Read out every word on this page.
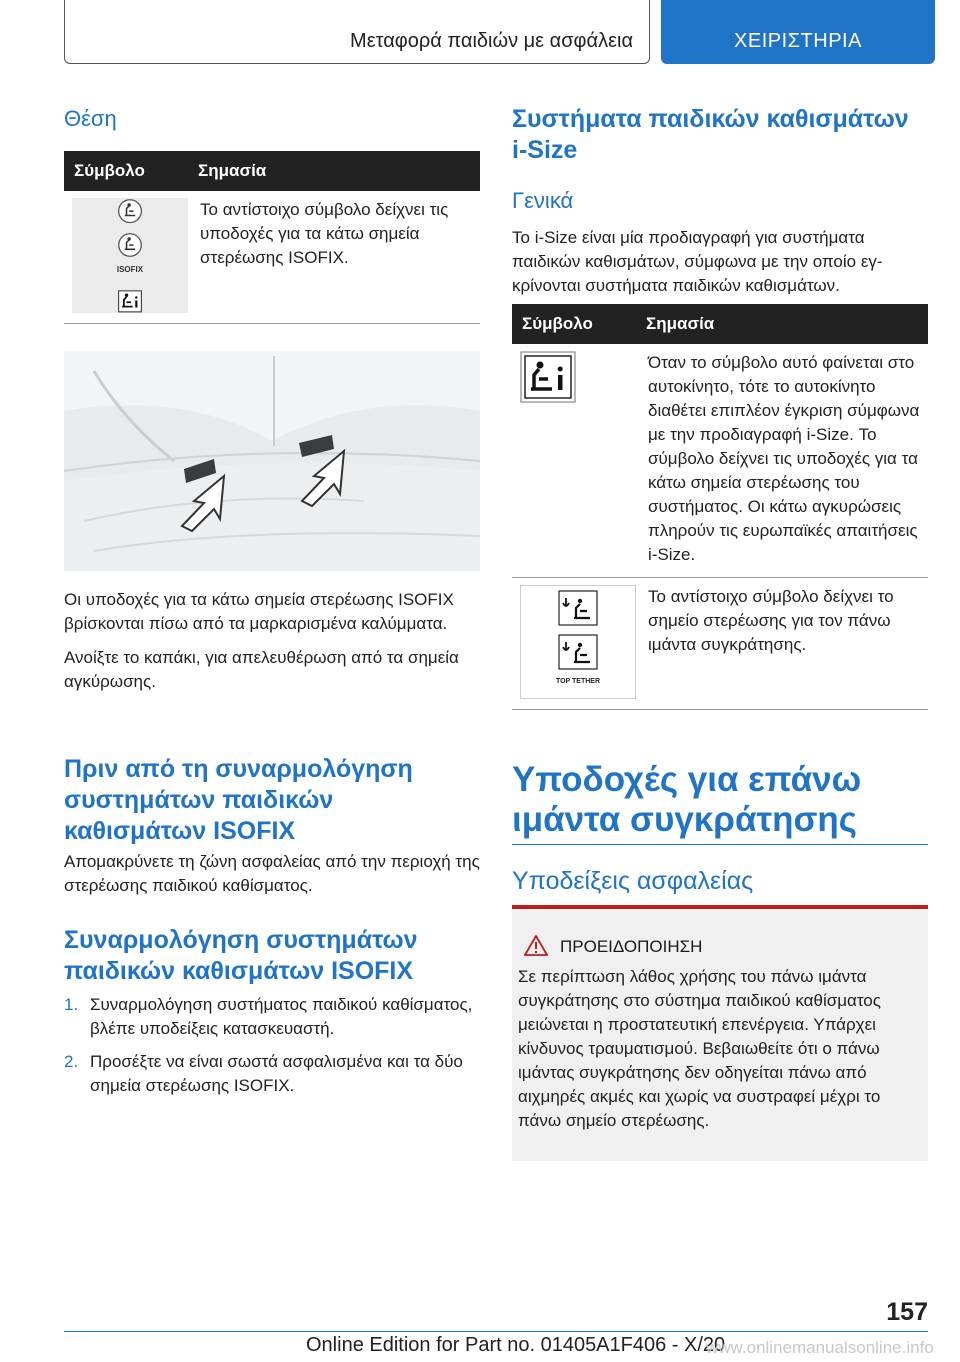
Μεταφορά παιδιών με ασφάλεια	ΧΕΙΡΙΣΤΗΡΙΑ
Θέση
Σύμβολο	Σημασία

ISOFIX	Το αντίστοιχο σύμβολο δείχνει τις υποδοχές για τα κάτω σημεία στερέωσης ISOFIX.

Οι υποδοχές για τα κάτω σημεία στερέωσης ISOFIX βρίσκονται πίσω από τα μαρκαρισμένα καλύμματα.

Ανοίξτε το καπάκι, για απελευθέρωση από τα σημεία αγκύρωσης.

Πριν από τη συναρμολόγηση συστημάτων παιδικών καθισμάτων ISOFIX

Απομακρύνετε τη ζώνη ασφαλείας από την περιοχή της στερέωσης παιδικού καθίσματος.

Συναρμολόγηση συστημάτων παιδικών καθισμάτων ISOFIX
1. Συναρμολόγηση συστήματος παιδικού καθίσματος, βλέπε υποδείξεις κατασκευαστή.
2. Προσέξτε να είναι σωστά ασφαλισμένα και τα δύο σημεία στερέωσης ISOFIX.
Συστήματα παιδικών καθισμάτων i-Size
Γενικά

Το i-Size είναι μία προδιαγραφή για συστήματα παιδικών καθισμάτων, σύμφωνα με την οποίο εγκρίνονται συστήματα παιδικών καθισμάτων.

Σύμβολο	Σημασία
	Όταν το σύμβολο αυτό φαίνεται στο αυτοκίνητο, τότε το αυτοκίνητο διαθέτει επιπλέον έγκριση σύμφωνα με την προδιαγραφή i-Size. Το σύμβολο δείχνει τις υποδοχές για τα κάτω σημεία στερέωσης του συστήματος. Οι κάτω αγκυρώσεις πληρούν τις ευρωπαϊκές απαιτήσεις i-Size.

TOP TETHER	Το αντίστοιχο σύμβολο δείχνει το σημείο στερέωσης για τον πάνω ιμάντα συγκράτησης.
Υποδοχές για επάνω ιμάντα συγκράτησης
Υποδείξεις ασφαλείας
ΠΡΟΕΙΔΟΠΟΙΗΣΗ

Σε περίπτωση λάθος χρήσης του πάνω ιμάντα συγκράτησης στο σύστημα παιδικού καθίσματος μειώνεται η προστατευτική επενέργεια. Υπάρχει κίνδυνος τραυματισμού. Βεβαιωθείτε ότι ο πάνω ιμάντας συγκράτησης δεν οδηγείται πάνω από αιχμηρές ακμές και χωρίς να συστραφεί μέχρι το πάνω σημείο στερέωσης.

157
Online Edition for Part no. 01405A1F406 - X/20
www.onlinemanualsonline.info
